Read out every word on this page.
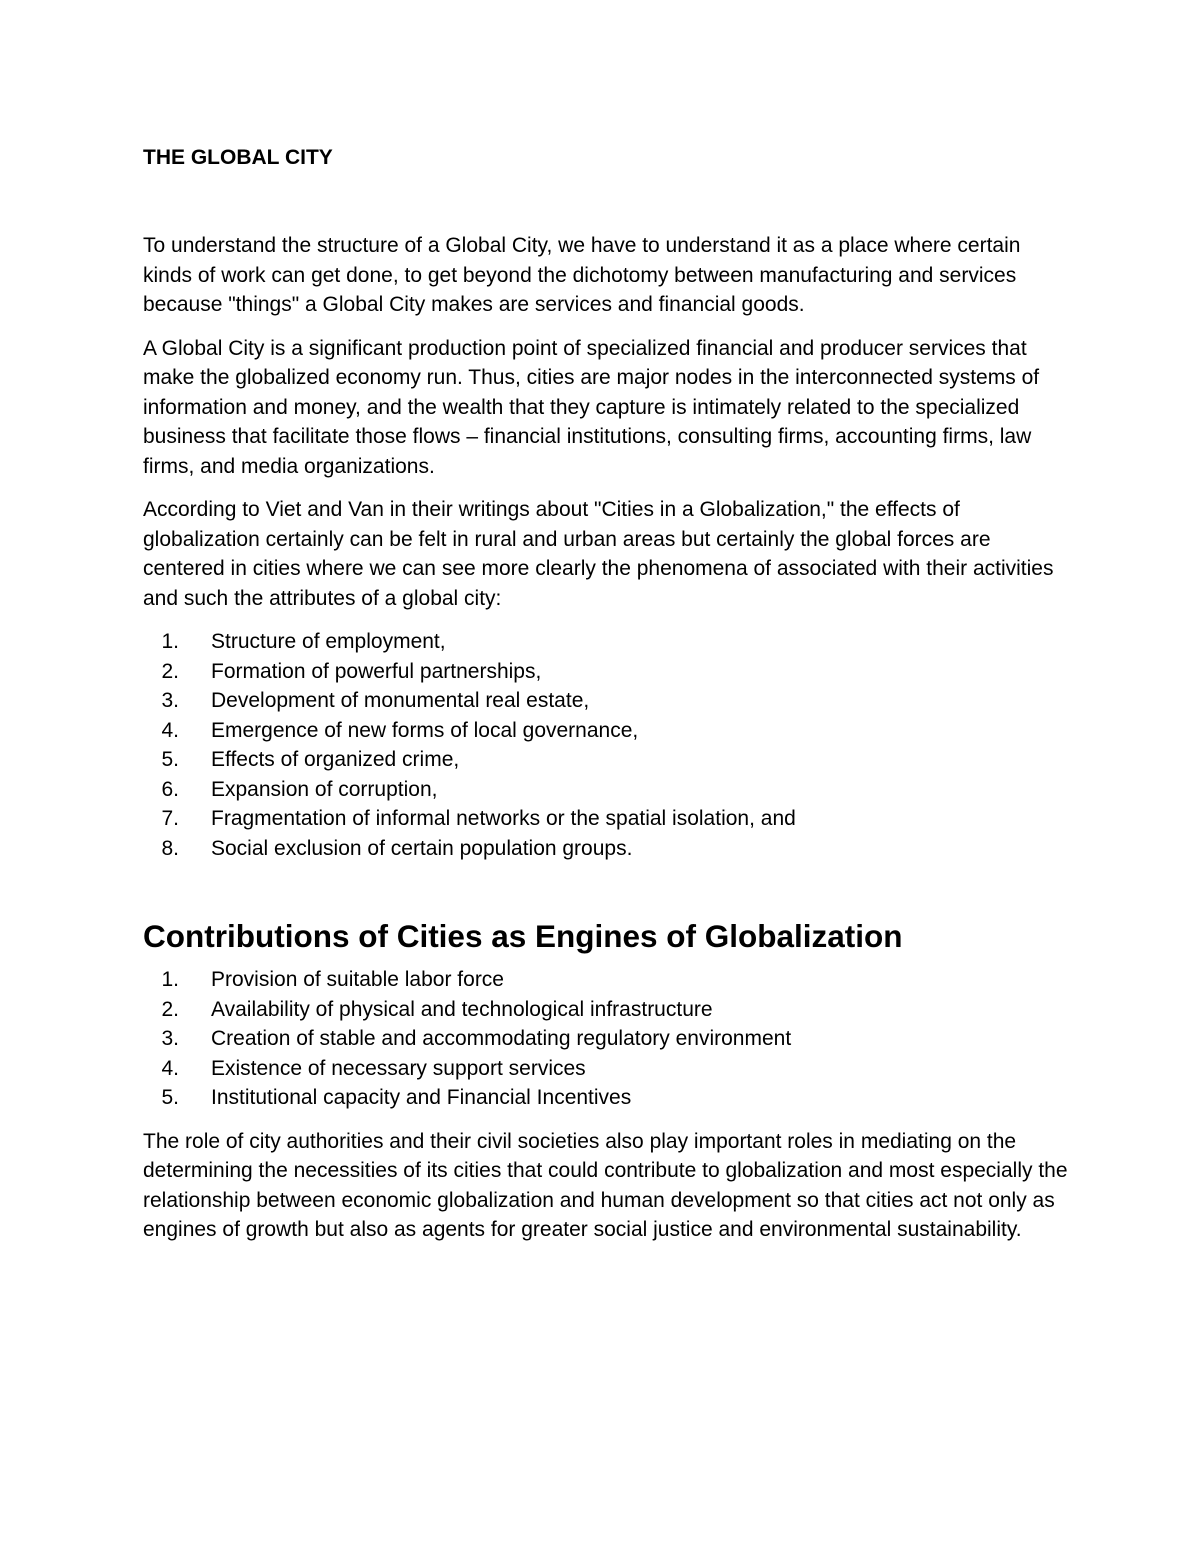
THE GLOBAL CITY

To understand the structure of a Global City, we have to understand it as a place where certain kinds of work can get done, to get beyond the dichotomy between manufacturing and services because "things" a Global City makes are services and financial goods.

A Global City is a significant production point of specialized financial and producer services that make the globalized economy run. Thus, cities are major nodes in the interconnected systems of information and money, and the wealth that they capture is intimately related to the specialized business that facilitate those flows – financial institutions, consulting firms, accounting firms, law firms, and media organizations.

According to Viet and Van in their writings about "Cities in a Globalization," the effects of globalization certainly can be felt in rural and urban areas but certainly the global forces are centered in cities where we can see more clearly the phenomena of associated with their activities and such the attributes of a global city:

1. Structure of employment,
2. Formation of powerful partnerships,
3. Development of monumental real estate,
4. Emergence of new forms of local governance,
5. Effects of organized crime,
6. Expansion of corruption,
7. Fragmentation of informal networks or the spatial isolation, and
8. Social exclusion of certain population groups.
Contributions of Cities as Engines of Globalization
1. Provision of suitable labor force
2. Availability of physical and technological infrastructure
3. Creation of stable and accommodating regulatory environment
4. Existence of necessary support services
5. Institutional capacity and Financial Incentives

The role of city authorities and their civil societies also play important roles in mediating on the determining the necessities of its cities that could contribute to globalization and most especially the relationship between economic globalization and human development so that cities act not only as engines of growth but also as agents for greater social justice and environmental sustainability.
